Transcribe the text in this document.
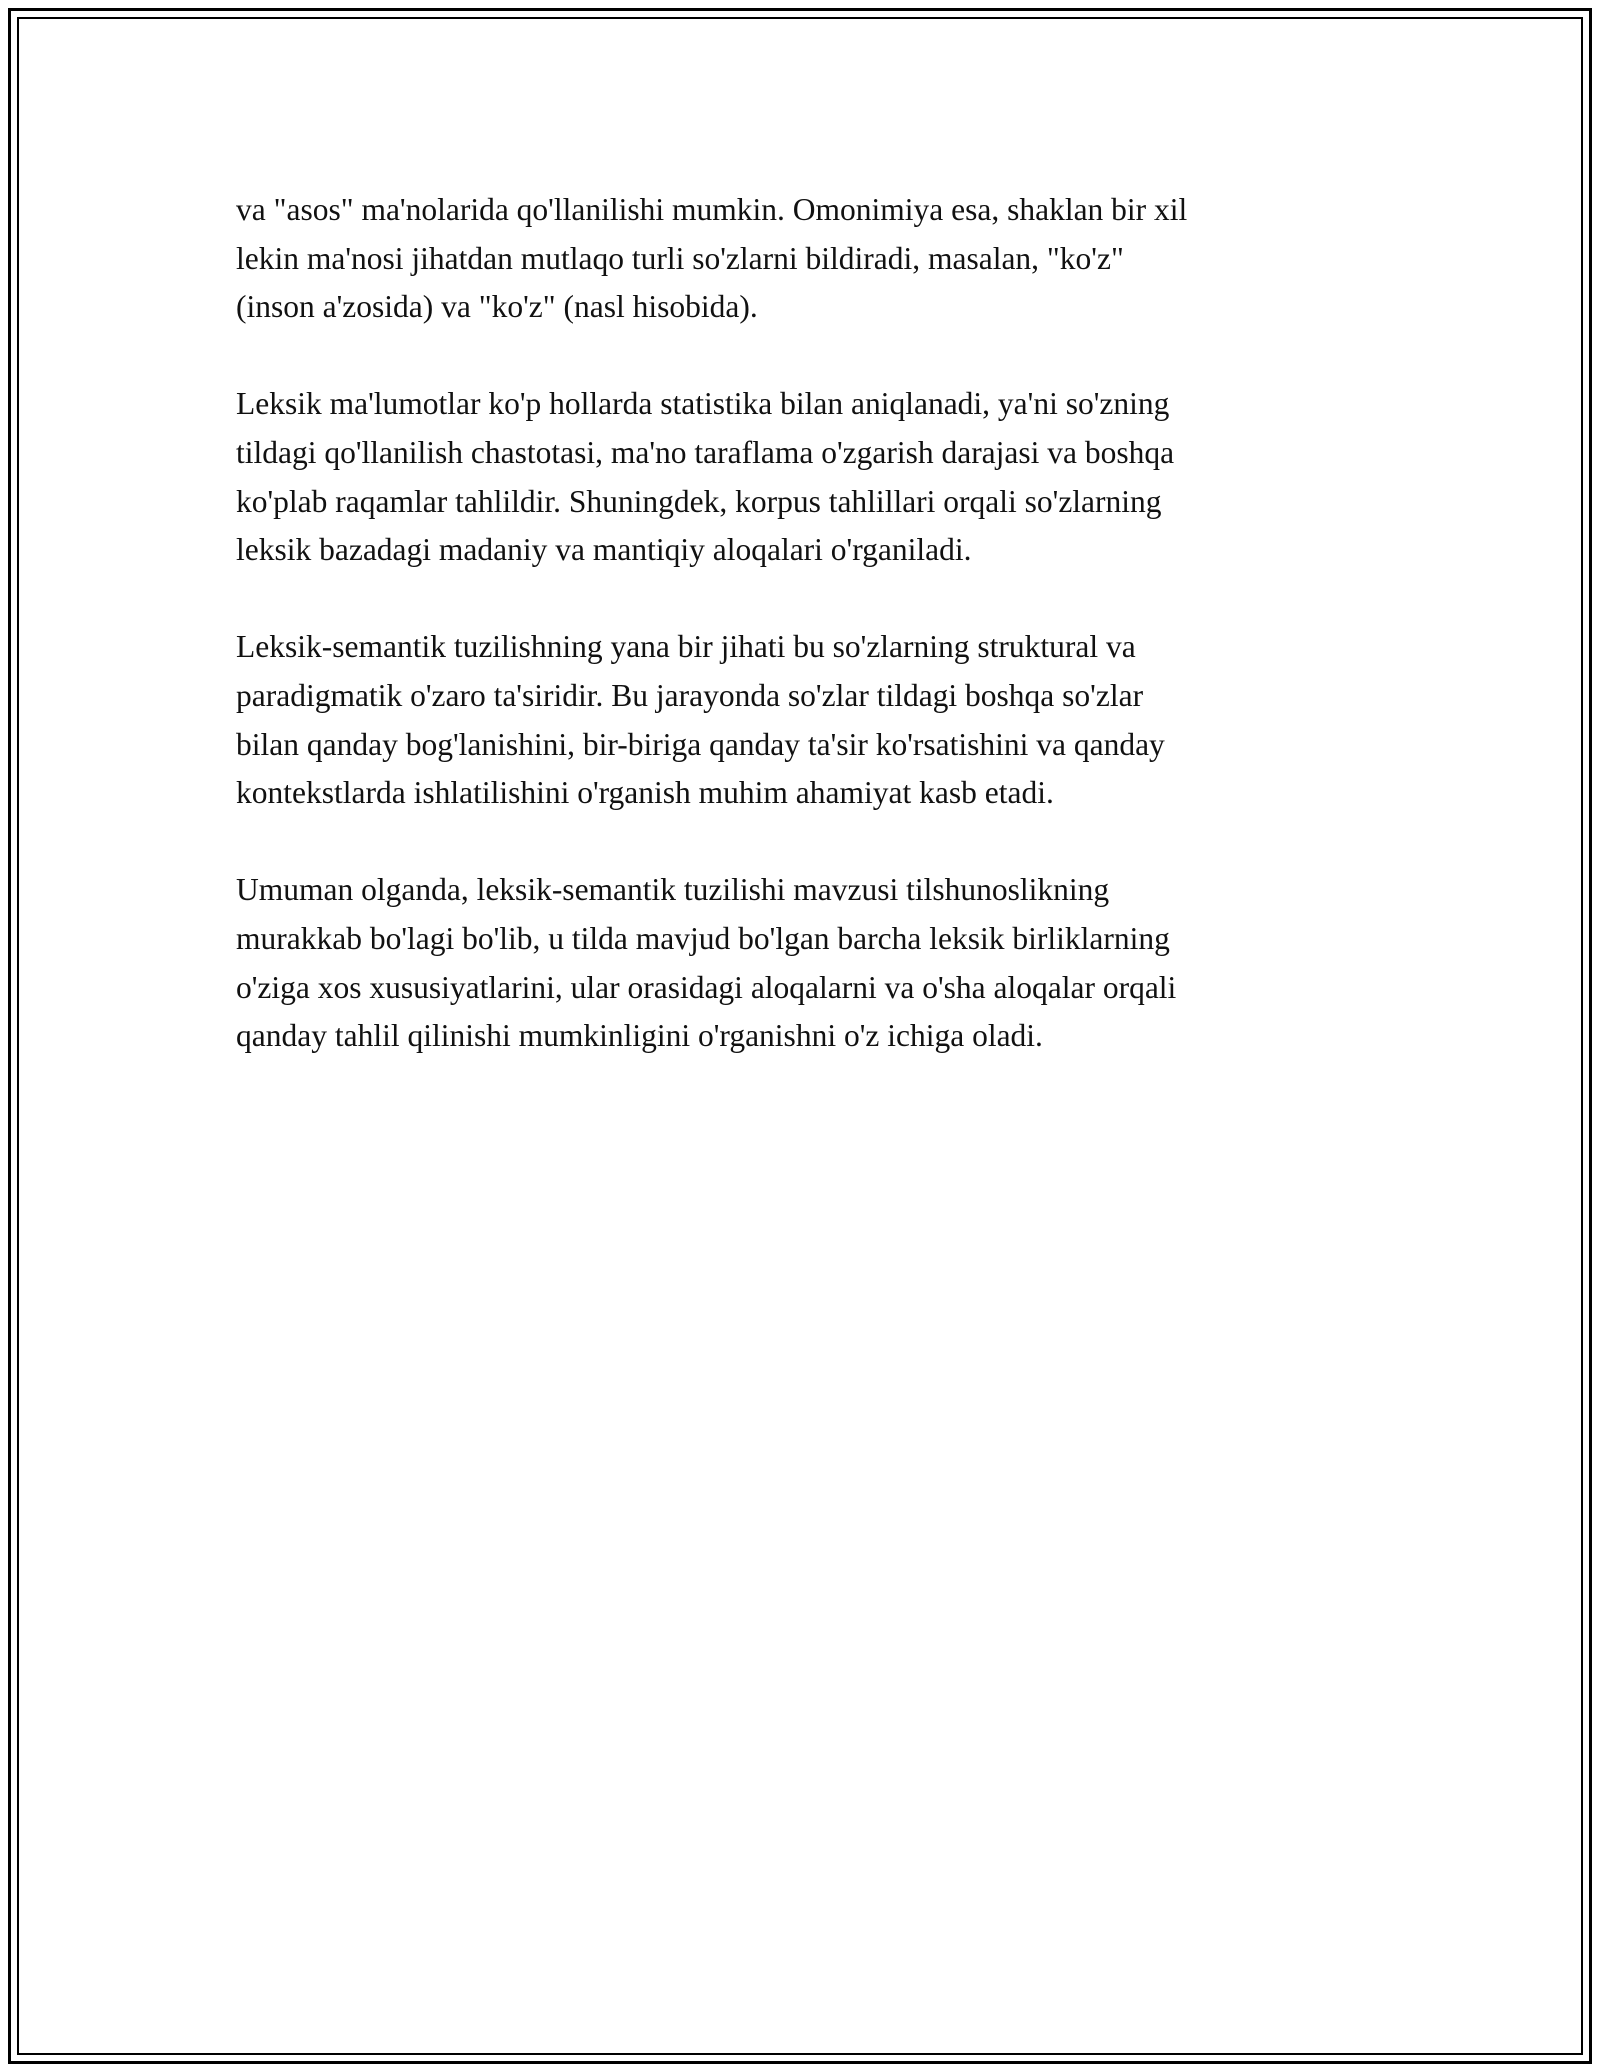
va "asos" ma'nolarida qo'llanilishi mumkin. Omonimiya esa, shaklan bir xil
lekin ma'nosi jihatdan mutlaqo turli so'zlarni bildiradi, masalan, "ko'z"
(inson a'zosida) va "ko'z" (nasl hisobida).

Leksik ma'lumotlar ko'p hollarda statistika bilan aniqlanadi, ya'ni so'zning
tildagi qo'llanilish chastotasi, ma'no taraflama o'zgarish darajasi va boshqa
ko'plab raqamlar tahlildir. Shuningdek, korpus tahlillari orqali so'zlarning
leksik bazadagi madaniy va mantiqiy aloqalari o'rganiladi.

Leksik-semantik tuzilishning yana bir jihati bu so'zlarning struktural va
paradigmatik o'zaro ta'siridir. Bu jarayonda so'zlar tildagi boshqa so'zlar
bilan qanday bog'lanishini, bir-biriga qanday ta'sir ko'rsatishini va qanday
kontekstlarda ishlatilishini o'rganish muhim ahamiyat kasb etadi.

Umuman olganda, leksik-semantik tuzilishi mavzusi tilshunoslikning
murakkab bo'lagi bo'lib, u tilda mavjud bo'lgan barcha leksik birliklarning
o'ziga xos xususiyatlarini, ular orasidagi aloqalarni va o'sha aloqalar orqali
qanday tahlil qilinishi mumkinligini o'rganishni o'z ichiga oladi.
